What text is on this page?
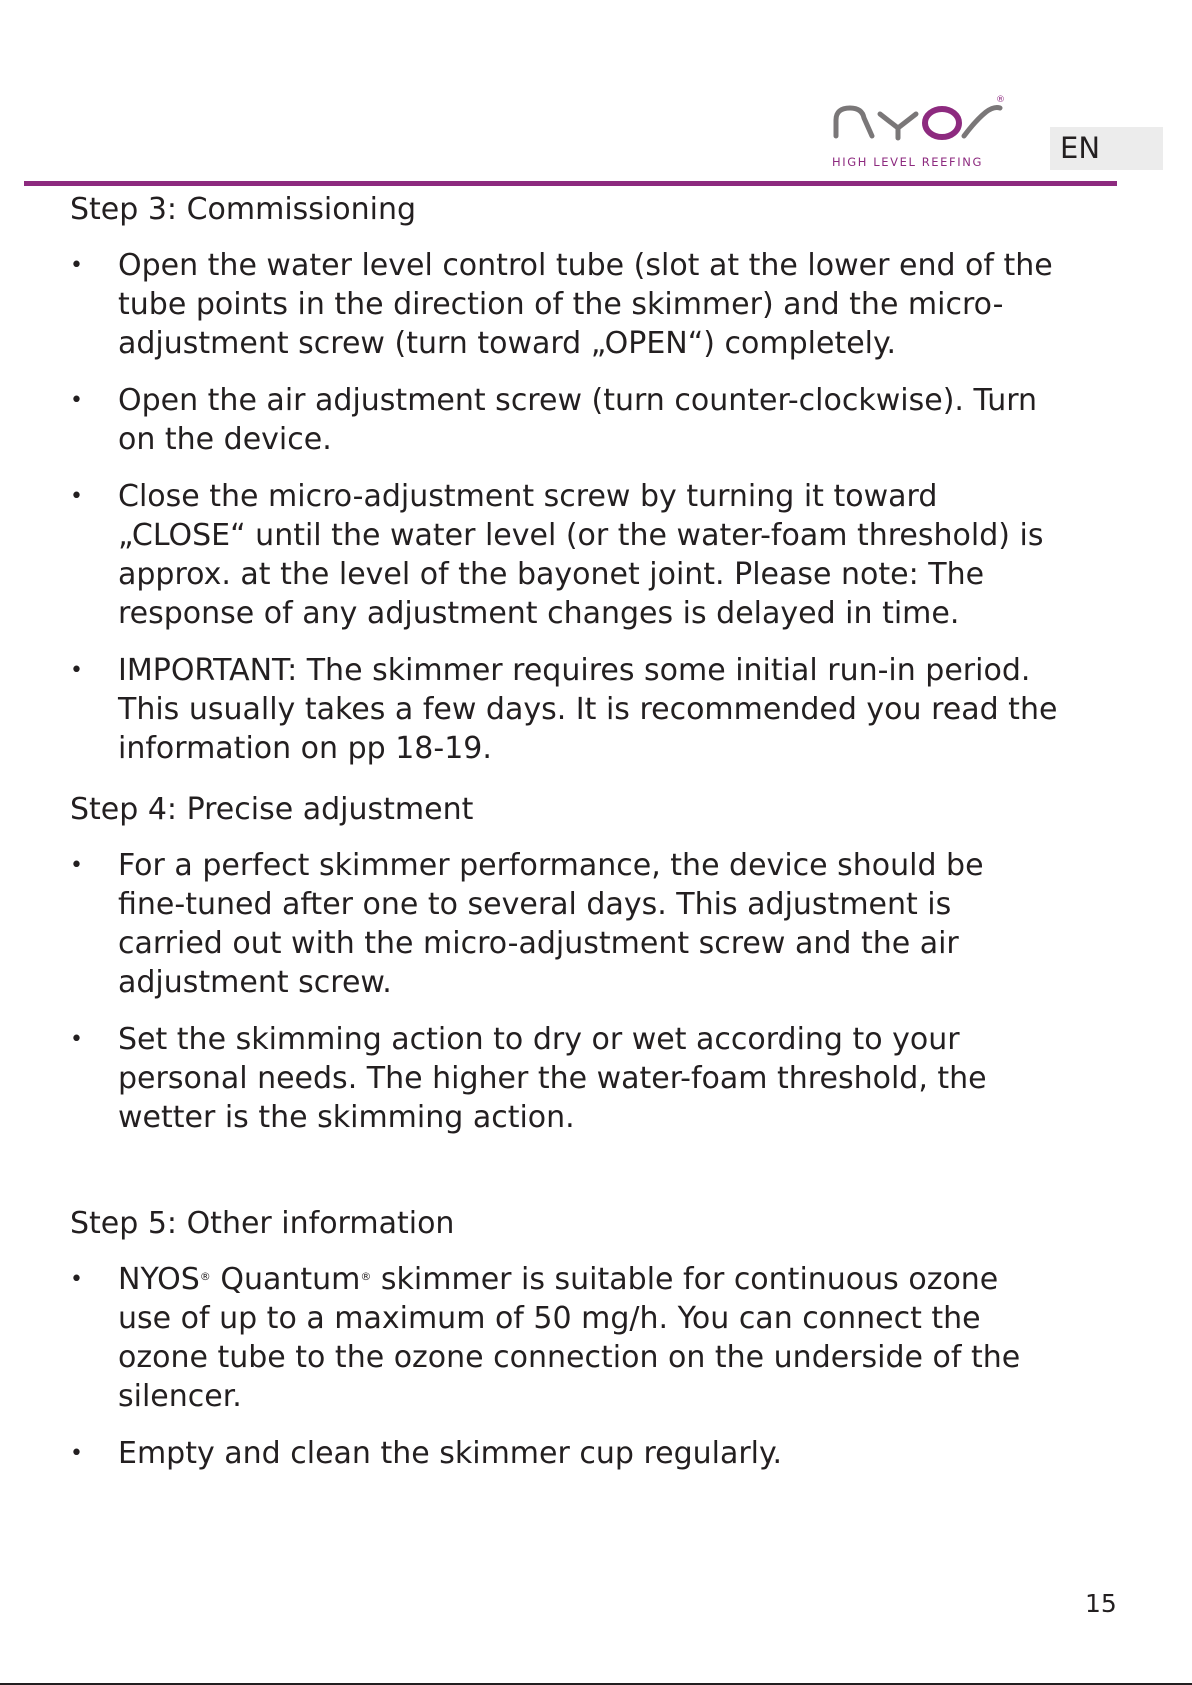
®
HIGH LEVEL REEFING	EN
Step 3: Commissioning
• Open the water level control tube (slot at the lower end of the tube points in the direction of the skimmer) and the micro-adjustment screw (turn toward „OPEN“) completely.
• Open the air adjustment screw (turn counter-clockwise). Turn on the device.
• Close the micro-adjustment screw by turning it toward „CLOSE“ until the water level (or the water-foam threshold) is approx. at the level of the bayonet joint. Please note: The response of any adjustment changes is delayed in time.
• IMPORTANT: The skimmer requires some initial run-in period. This usually takes a few days. It is recommended you read the information on pp 18-19.
Step 4: Precise adjustment
• For a perfect skimmer performance, the device should be fine-tuned after one to several days. This adjustment is carried out with the micro-adjustment screw and the air adjustment screw.
• Set the skimming action to dry or wet according to your personal needs. The higher the water-foam threshold, the wetter is the skimming action.
Step 5: Other information
• NYOS® Quantum® skimmer is suitable for continuous ozone use of up to a maximum of 50 mg/h. You can connect the ozone tube to the ozone connection on the underside of the silencer.
• Empty and clean the skimmer cup regularly.
15
